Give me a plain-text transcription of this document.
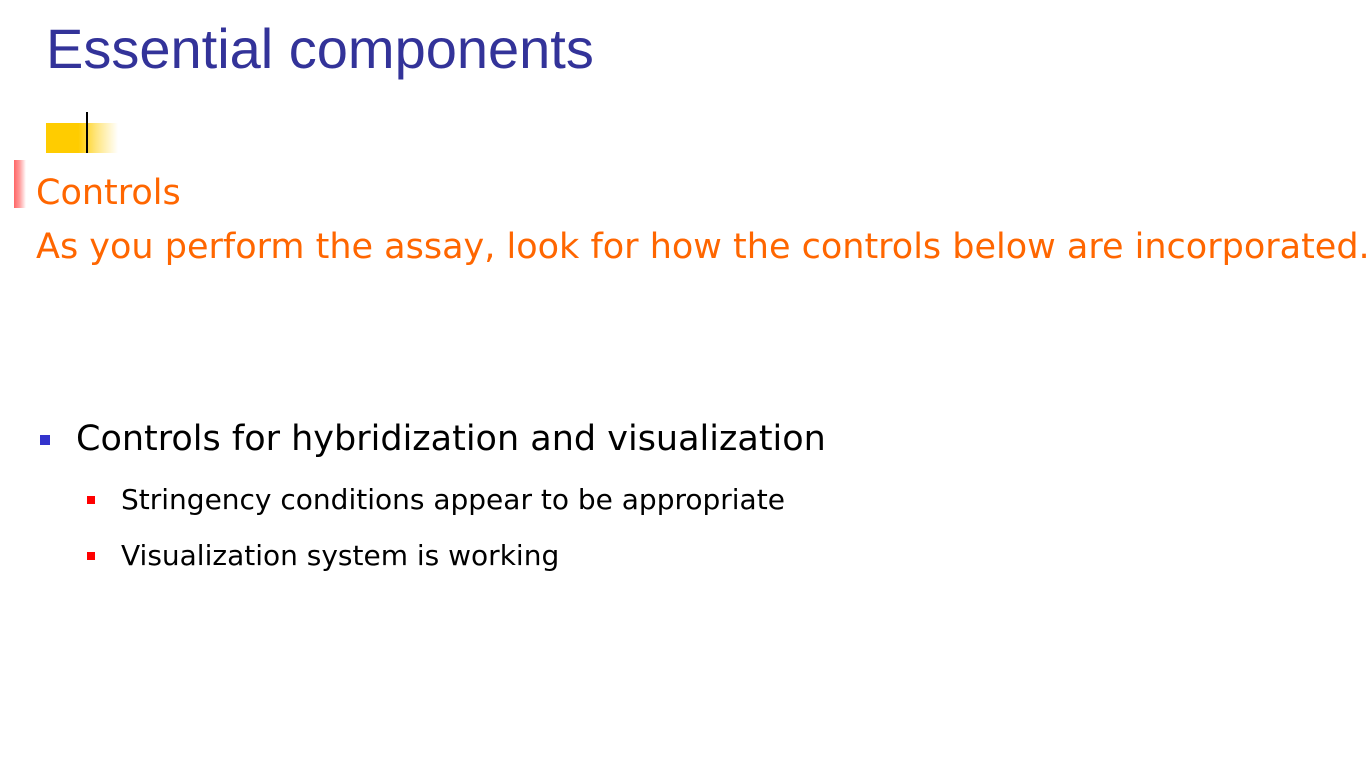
Essential components

Controls

As you perform the assay, look for how the controls below are incorporated.

Controls for hybridization and visualization
Stringency conditions appear to be appropriate
Visualization system is working
